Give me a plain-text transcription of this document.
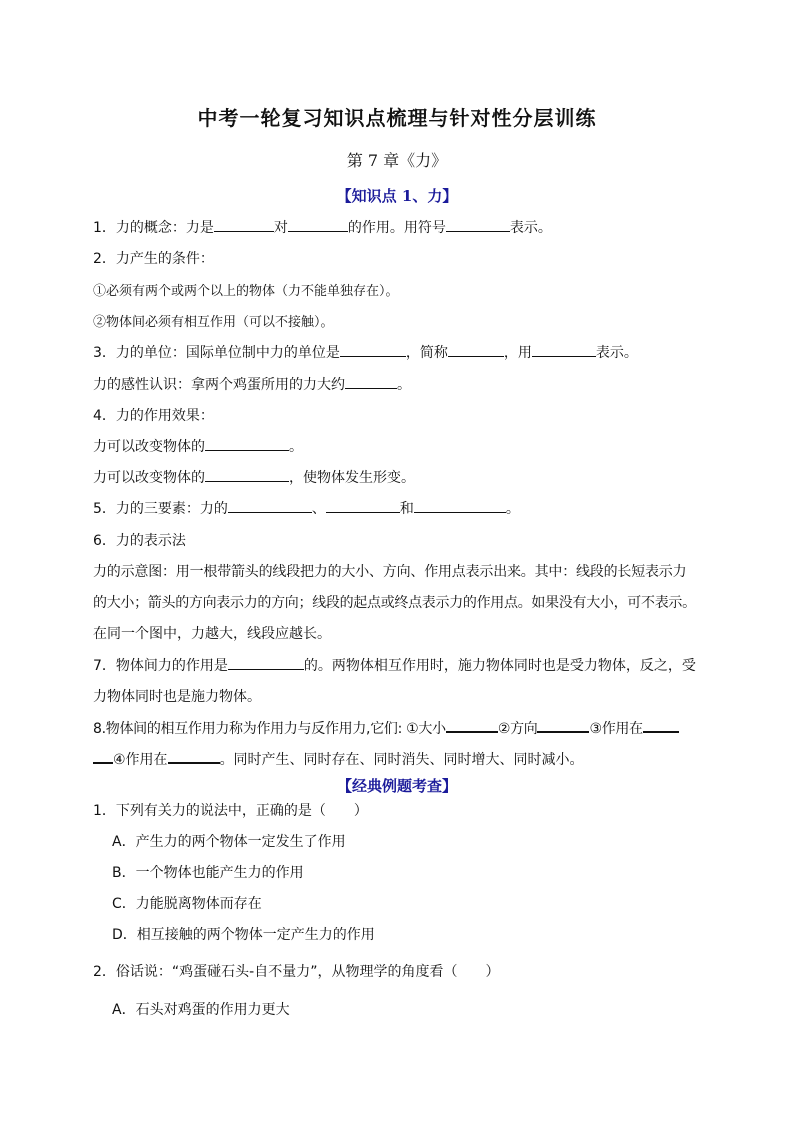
中考一轮复习知识点梳理与针对性分层训练
第 7 章《力》
【知识点 1、力】
1．力的概念：力是	对	的作用。用符号	表示。
2．力产生的条件：
①必须有两个或两个以上的物体（力不能单独存在）。
②物体间必须有相互作用（可以不接触）。
3．力的单位：国际单位制中力的单位是	，简称	，用	表示。
力的感性认识：拿两个鸡蛋所用的力大约	。
4．力的作用效果：
力可以改变物体的	。
力可以改变物体的	，使物体发生形变。
5．力的三要素：力的	、	和	。
6．力的表示法
力的示意图：用一根带箭头的线段把力的大小、方向、作用点表示出来。其中：线段的长短表示力
的大小；箭头的方向表示力的方向；线段的起点或终点表示力的作用点。如果没有大小，可不表示。
在同一个图中，力越大，线段应越长。
7．物体间力的作用是	的。两物体相互作用时，施力物体同时也是受力物体，反之，受
力物体同时也是施力物体。
8.物体间的相互作用力称为作用力与反作用力,它们: ①大小	②方向	③作用在
④作用在	。同时产生、同时存在、同时消失、同时增大、同时减小。
【经典例题考查】
1．下列有关力的说法中，正确的是（　　）
A．产生力的两个物体一定发生了作用
B．一个物体也能产生力的作用
C．力能脱离物体而存在
D．相互接触的两个物体一定产生力的作用
2．俗话说：“鸡蛋碰石头-自不量力”，从物理学的角度看（　　）
A．石头对鸡蛋的作用力更大
